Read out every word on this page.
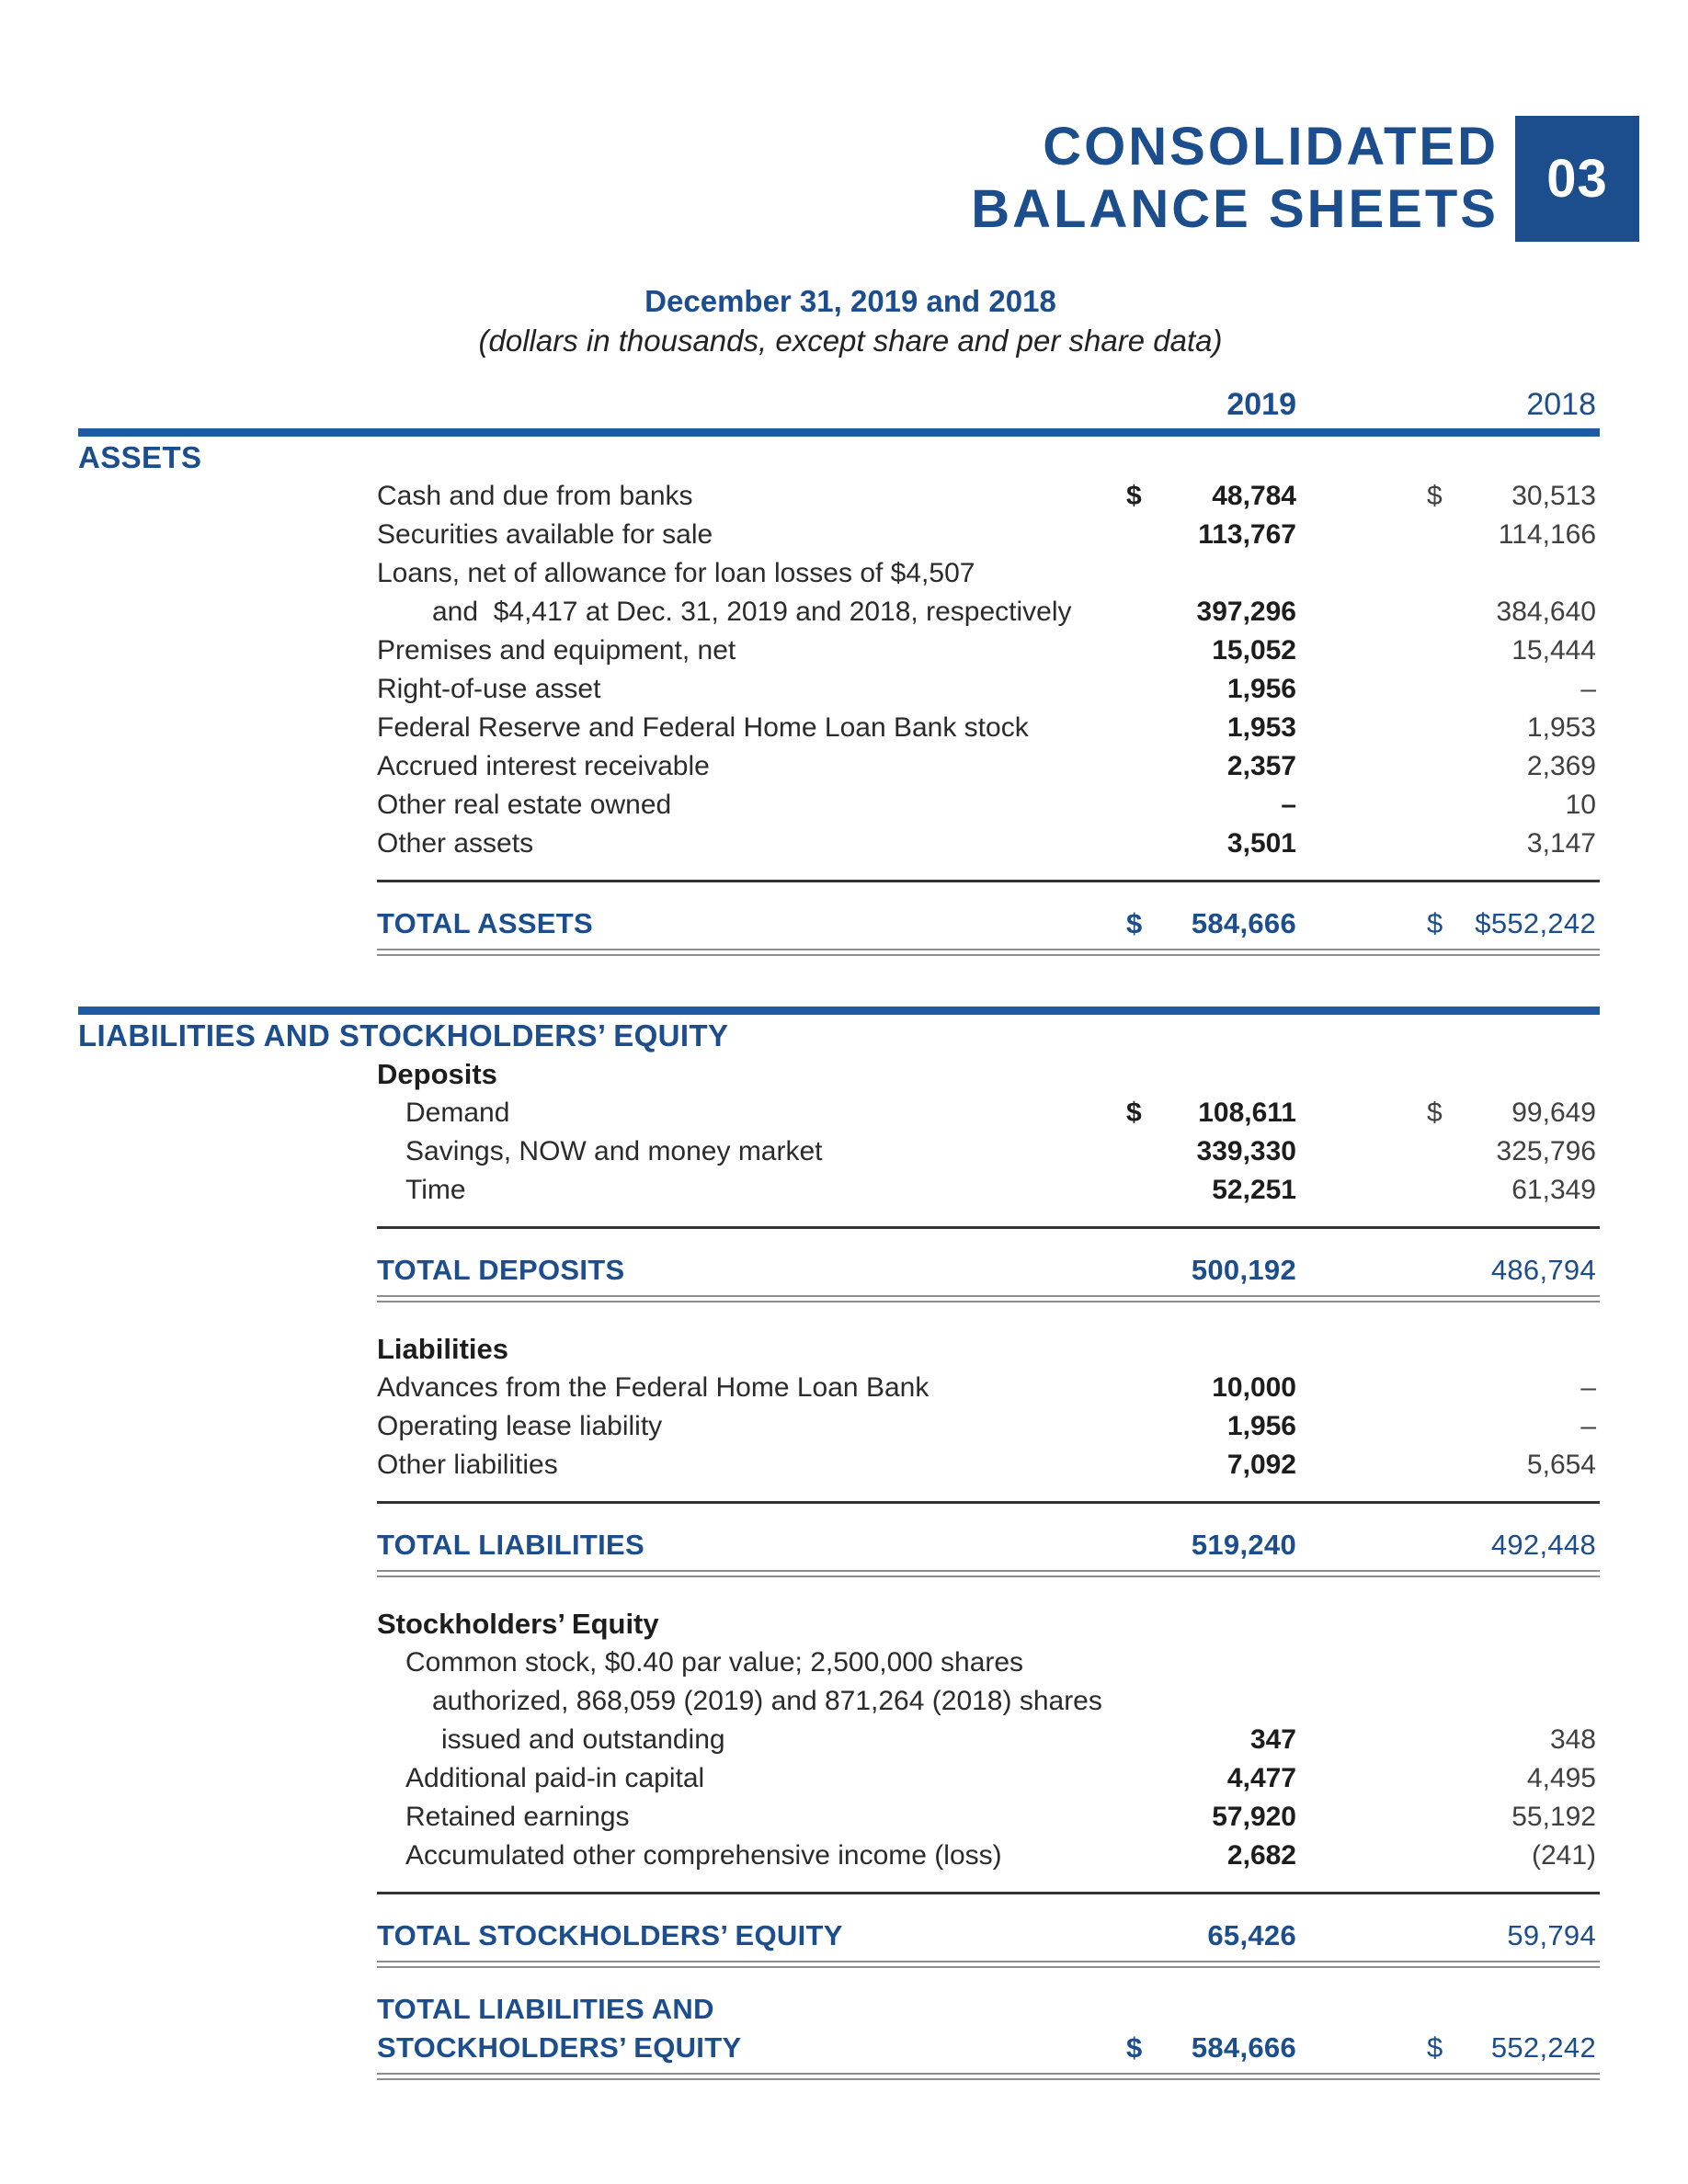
CONSOLIDATED
BALANCE SHEETS
03
December 31, 2019 and 2018
(dollars in thousands, except share and per share data)
2019	2018
ASSETS
Cash and due from banks	$	48,784	$	30,513
Securities available for sale	113,767	114,166
Loans, net of allowance for loan losses of $4,507
and  $4,417 at Dec. 31, 2019 and 2018, respectively	397,296	384,640
Premises and equipment, net	15,052	15,444
Right-of-use asset	1,956	–
Federal Reserve and Federal Home Loan Bank stock	1,953	1,953
Accrued interest receivable	2,357	2,369
Other real estate owned	–	10
Other assets	3,501	3,147
TOTAL ASSETS	$ 584,666	$ $552,242
LIABILITIES AND STOCKHOLDERS’ EQUITY
Deposits
Demand	$ 108,611	$	99,649
Savings, NOW and money market	339,330	325,796
Time	52,251	61,349
TOTAL DEPOSITS	500,192	486,794
Liabilities
Advances from the Federal Home Loan Bank	10,000	–
Operating lease liability	1,956	–
Other liabilities	7,092	5,654
TOTAL LIABILITIES	519,240	492,448
Stockholders’ Equity
Common stock, $0.40 par value; 2,500,000 shares
authorized, 868,059 (2019) and 871,264 (2018) shares
issued and outstanding	347	348
Additional paid-in capital	4,477	4,495
Retained earnings	57,920	55,192
Accumulated other comprehensive income (loss)	2,682	(241)
TOTAL STOCKHOLDERS’ EQUITY	65,426	59,794
TOTAL LIABILITIES AND
STOCKHOLDERS’ EQUITY	$ 584,666	$ 552,242
